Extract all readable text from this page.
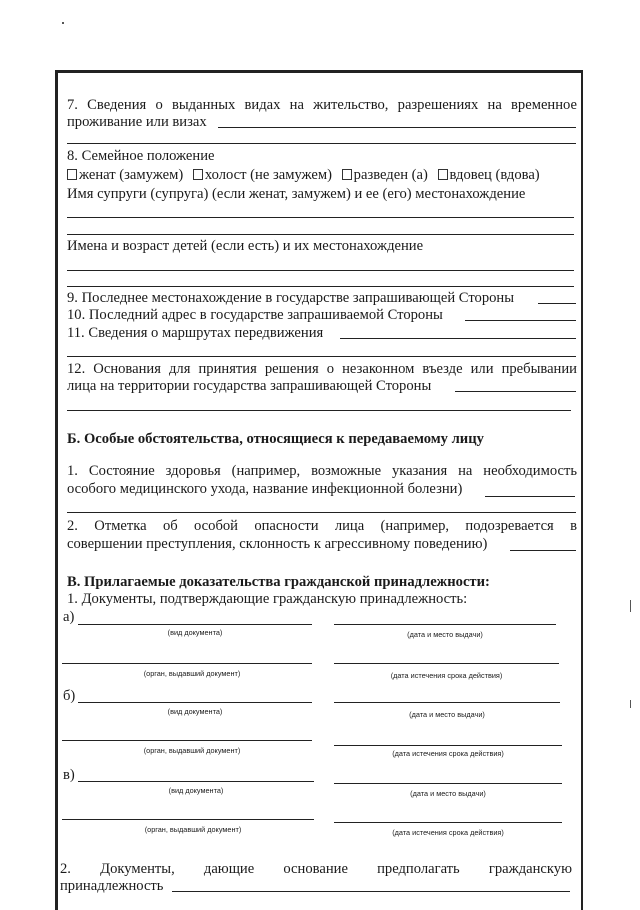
7. Сведения о выданных видах на жительство, разрешениях на временное
проживание или визах
8. Семейное положение
женат (замужем) холост (не замужем) разведен (а) вдовец (вдова)
Имя супруги (супруга) (если женат, замужем) и ее (его) местонахождение
Имена и возраст детей (если есть) и их местонахождение
9. Последнее местонахождение в государстве запрашивающей Стороны
10. Последний адрес в государстве запрашиваемой Стороны
11. Сведения о маршрутах передвижения
12. Основания для принятия решения о незаконном въезде или пребывании
лица на территории государства запрашивающей Стороны
Б. Особые обстоятельства, относящиеся к передаваемому лицу
1. Состояние здоровья (например, возможные указания на необходимость
особого медицинского ухода, название инфекционной болезни)
2. Отметка об особой опасности лица (например, подозревается в
совершении преступления, склонность к агрессивному поведению)
В. Прилагаемые доказательства гражданской принадлежности:
1. Документы, подтверждающие гражданскую принадлежность:
а)
(вид документа)	(дата и место выдачи)
(орган, выдавший документ)	(дата истечения срока действия)
б)
(вид документа)	(дата и место выдачи)
(орган, выдавший документ)	(дата истечения срока действия)
в)
(вид документа)	(дата и место выдачи)
(орган, выдавший документ)	(дата истечения срока действия)
2. Документы, дающие основание предполагать гражданскую
принадлежность
